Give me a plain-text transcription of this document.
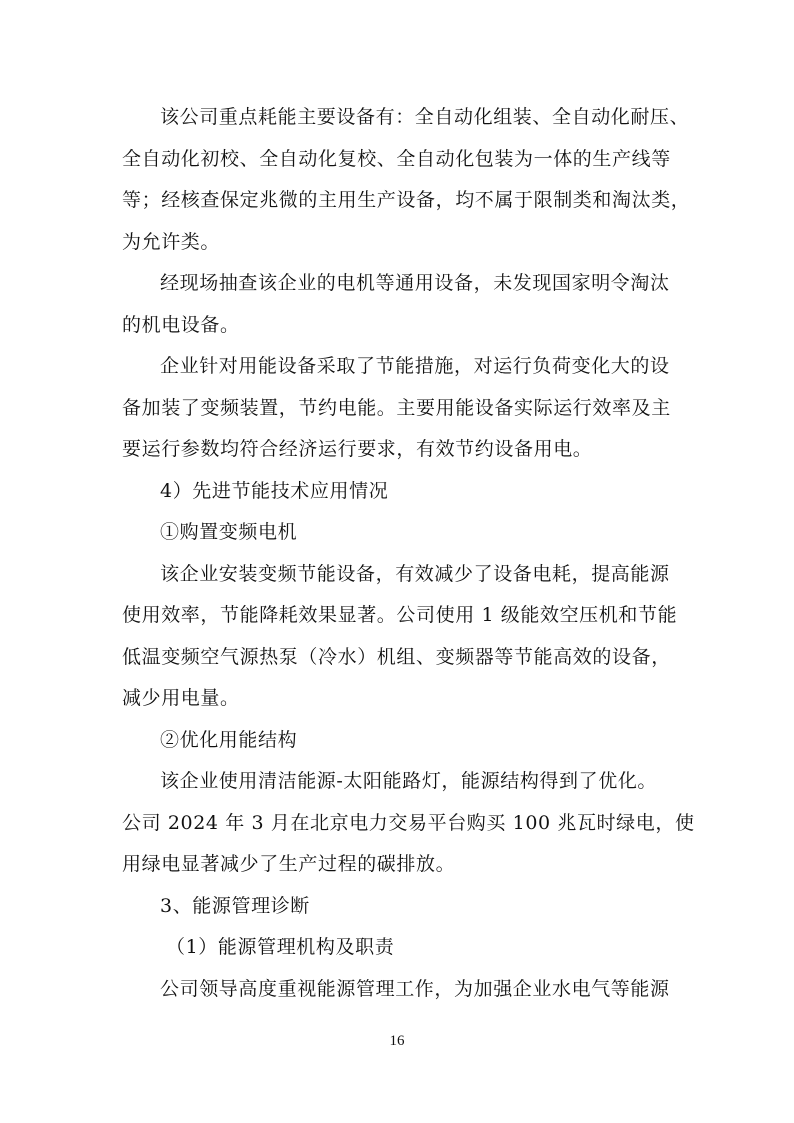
该公司重点耗能主要设备有：全自动化组装、全自动化耐压、
全自动化初校、全自动化复校、全自动化包装为一体的生产线等
等；经核查保定兆微的主用生产设备，均不属于限制类和淘汰类，
为允许类。
经现场抽查该企业的电机等通用设备，未发现国家明令淘汰
的机电设备。
企业针对用能设备采取了节能措施，对运行负荷变化大的设
备加装了变频装置，节约电能。主要用能设备实际运行效率及主
要运行参数均符合经济运行要求，有效节约设备用电。
4）先进节能技术应用情况
①购置变频电机
该企业安装变频节能设备，有效减少了设备电耗，提高能源
使用效率，节能降耗效果显著。公司使用 1 级能效空压机和节能
低温变频空气源热泵（冷水）机组、变频器等节能高效的设备，
减少用电量。
②优化用能结构
该企业使用清洁能源-太阳能路灯，能源结构得到了优化。
公司 2024 年 3 月在北京电力交易平台购买 100 兆瓦时绿电，使
用绿电显著减少了生产过程的碳排放。
3、能源管理诊断
（1）能源管理机构及职责
公司领导高度重视能源管理工作，为加强企业水电气等能源
16
